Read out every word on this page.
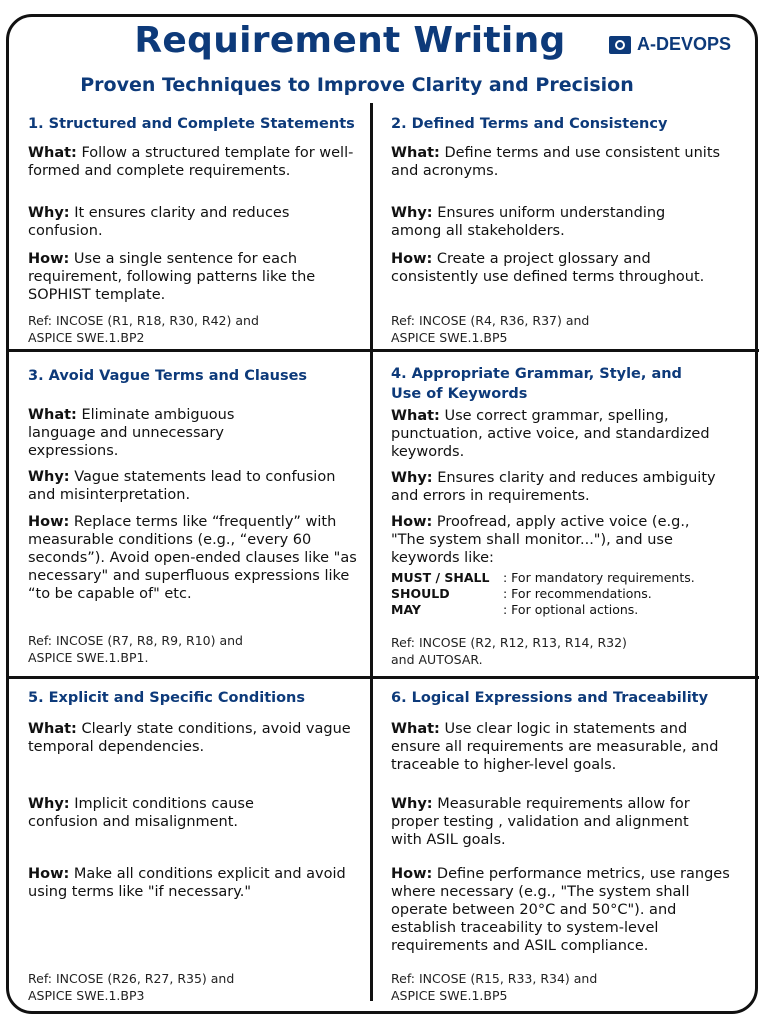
Requirement Writing	A-DEVOPS
Proven Techniques to Improve Clarity and Precision
1. Structured and Complete Statements
What: Follow a structured template for well-formed and complete requirements.
Why: It ensures clarity and reduces confusion.
How: Use a single sentence for each requirement, following patterns like the SOPHIST template.
Ref: INCOSE (R1, R18, R30, R42) and ASPICE SWE.1.BP2
2. Defined Terms and Consistency
What: Define terms and use consistent units and acronyms.
Why: Ensures uniform understanding among all stakeholders.
How: Create a project glossary and consistently use defined terms throughout.
Ref: INCOSE (R4, R36, R37) and ASPICE SWE.1.BP5
3. Avoid Vague Terms and Clauses
What: Eliminate ambiguous language and unnecessary expressions.
Why: Vague statements lead to confusion and misinterpretation.
How: Replace terms like “frequently” with measurable conditions (e.g., “every 60 seconds”). Avoid open-ended clauses like "as necessary" and superfluous expressions like “to be capable of" etc.
Ref: INCOSE (R7, R8, R9, R10) and ASPICE SWE.1.BP1.
4. Appropriate Grammar, Style, and Use of Keywords
What: Use correct grammar, spelling, punctuation, active voice, and standardized keywords.
Why: Ensures clarity and reduces ambiguity and errors in requirements.
How: Proofread, apply active voice (e.g., "The system shall monitor..."), and use keywords like:
MUST / SHALL	: For mandatory requirements.
SHOULD	: For recommendations.
MAY	: For optional actions.
Ref: INCOSE (R2, R12, R13, R14, R32) and AUTOSAR.
5. Explicit and Specific Conditions
What: Clearly state conditions, avoid vague temporal dependencies.
Why: Implicit conditions cause confusion and misalignment.
How: Make all conditions explicit and avoid using terms like "if necessary."
Ref: INCOSE (R26, R27, R35) and ASPICE SWE.1.BP3
6. Logical Expressions and Traceability
What: Use clear logic in statements and ensure all requirements are measurable, and traceable to higher-level goals.
Why: Measurable requirements allow for proper testing , validation and alignment with ASIL goals.
How: Define performance metrics, use ranges where necessary (e.g., "The system shall operate between 20°C and 50°C"). and establish traceability to system-level requirements and ASIL compliance.
Ref: INCOSE (R15, R33, R34) and ASPICE SWE.1.BP5
